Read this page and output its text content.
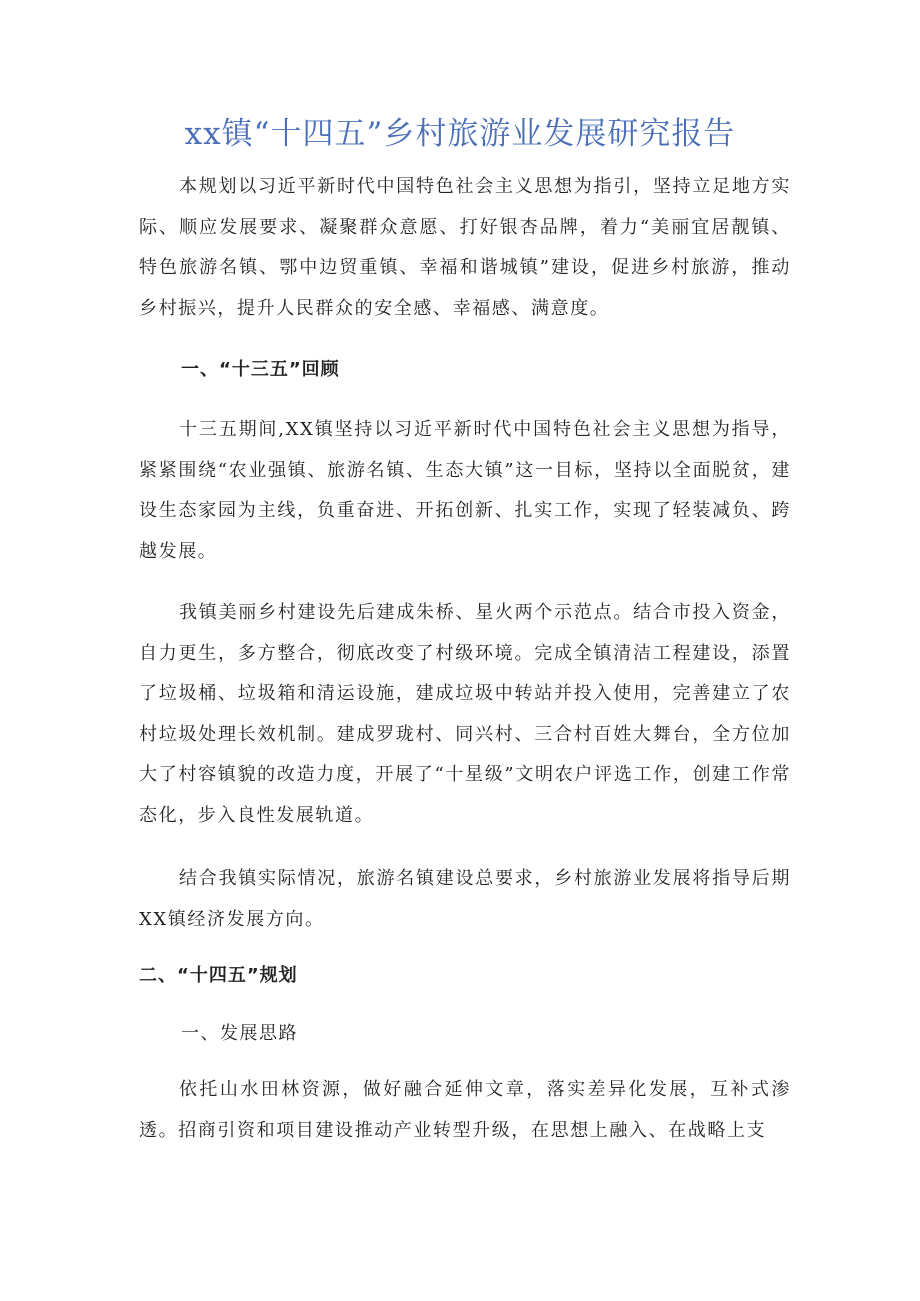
xx镇“十四五”乡村旅游业发展研究报告

本规划以习近平新时代中国特色社会主义思想为指引，坚持立足地方实际、顺应发展要求、凝聚群众意愿、打好银杏品牌，着力“美丽宜居靓镇、特色旅游名镇、鄂中边贸重镇、幸福和谐城镇”建设，促进乡村旅游，推动乡村振兴，提升人民群众的安全感、幸福感、满意度。

一、“十三五”回顾

十三五期间,XX镇坚持以习近平新时代中国特色社会主义思想为指导，紧紧围绕“农业强镇、旅游名镇、生态大镇”这一目标，坚持以全面脱贫，建设生态家园为主线，负重奋进、开拓创新、扎实工作，实现了轻装减负、跨越发展。

我镇美丽乡村建设先后建成朱桥、星火两个示范点。结合市投入资金，自力更生，多方整合，彻底改变了村级环境。完成全镇清洁工程建设，添置了垃圾桶、垃圾箱和清运设施，建成垃圾中转站并投入使用，完善建立了农村垃圾处理长效机制。建成罗珑村、同兴村、三合村百姓大舞台，全方位加大了村容镇貌的改造力度，开展了“十星级”文明农户评选工作，创建工作常态化，步入良性发展轨道。

结合我镇实际情况，旅游名镇建设总要求，乡村旅游业发展将指导后期XX镇经济发展方向。

二、“十四五”规划
一、发展思路

依托山水田林资源，做好融合延伸文章，落实差异化发展，互补式渗透。招商引资和项目建设推动产业转型升级，在思想上融入、在战略上支
